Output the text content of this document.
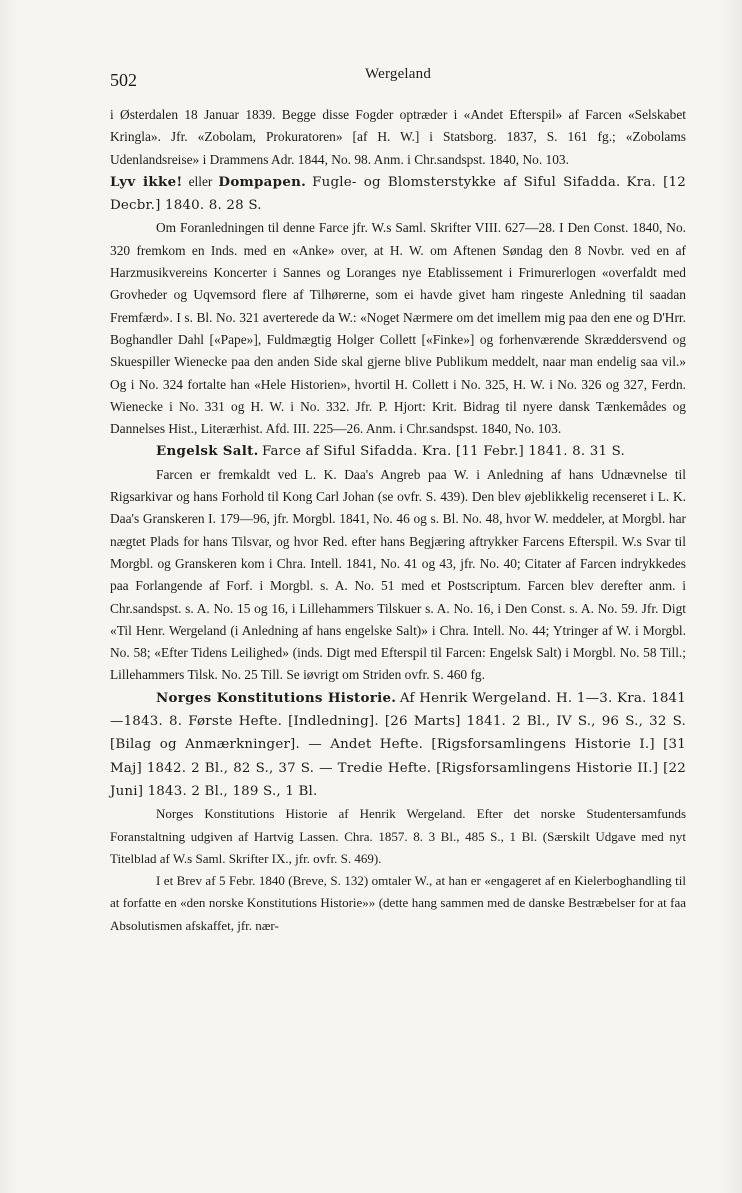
502	Wergeland

i Østerdalen 18 Januar 1839. Begge disse Fogder optræder i «Andet Efterspil» af Farcen «Selskabet Kringla». Jfr. «Zobolam, Prokuratoren» [af H. W.] i Statsborg. 1837, S. 161 fg.; «Zobolams Udenlandsreise» i Drammens Adr. 1844, No. 98. Anm. i Chr.sandspst. 1840, No. 103.

Lyv ikke! eller Dompapen. Fugle- og Blomsterstykke af Siful Sifadda. Kra. [12 Decbr.] 1840. 8. 28 S.

Om Foranledningen til denne Farce jfr. W.s Saml. Skrifter VIII. 627—28. I Den Const. 1840, No. 320 fremkom en Inds. med en «Anke» over, at H. W. om Aftenen Søndag den 8 Novbr. ved en af Harzmusikvereins Koncerter i Sannes og Loranges nye Etablissement i Frimurerlogen «overfaldt med Grovheder og Uqvemsord flere af Tilhørerne, som ei havde givet ham ringeste Anledning til saadan Fremfærd». I s. Bl. No. 321 averterede da W.: «Noget Nærmere om det imellem mig paa den ene og D'Hrr. Boghandler Dahl [«Pape»], Fuldmægtig Holger Collett [«Finke»] og forhenværende Skræddersvend og Skuespiller Wienecke paa den anden Side skal gjerne blive Publikum meddelt, naar man endelig saa vil.» Og i No. 324 fortalte han «Hele Historien», hvortil H. Collett i No. 325, H. W. i No. 326 og 327, Ferdn. Wienecke i No. 331 og H. W. i No. 332. Jfr. P. Hjort: Krit. Bidrag til nyere dansk Tænkemådes og Dannelses Hist., Literærhist. Afd. III. 225—26. Anm. i Chr.sandspst. 1840, No. 103.

Engelsk Salt. Farce af Siful Sifadda. Kra. [11 Febr.] 1841. 8. 31 S.

Farcen er fremkaldt ved L. K. Daa's Angreb paa W. i Anledning af hans Udnævnelse til Rigsarkivar og hans Forhold til Kong Carl Johan (se ovfr. S. 439). Den blev øjeblikkelig recenseret i L. K. Daa's Granskeren I. 179—96, jfr. Morgbl. 1841, No. 46 og s. Bl. No. 48, hvor W. meddeler, at Morgbl. har nægtet Plads for hans Tilsvar, og hvor Red. efter hans Begjæring aftrykker Farcens Efterspil. W.s Svar til Morgbl. og Granskeren kom i Chra. Intell. 1841, No. 41 og 43, jfr. No. 40; Citater af Farcen indrykkedes paa Forlangende af Forf. i Morgbl. s. A. No. 51 med et Postscriptum. Farcen blev derefter anm. i Chr.sandspst. s. A. No. 15 og 16, i Lillehammers Tilskuer s. A. No. 16, i Den Const. s. A. No. 59. Jfr. Digt «Til Henr. Wergeland (i Anledning af hans engelske Salt)» i Chra. Intell. No. 44; Ytringer af W. i Morgbl. No. 58; «Efter Tidens Leilighed» (inds. Digt med Efterspil til Farcen: Engelsk Salt) i Morgbl. No. 58 Till.; Lillehammers Tilsk. No. 25 Till. Se iøvrigt om Striden ovfr. S. 460 fg.

Norges Konstitutions Historie. Af Henrik Wergeland. H. 1—3. Kra. 1841—1843. 8. Første Hefte. [Indledning]. [26 Marts] 1841. 2 Bl., IV S., 96 S., 32 S. [Bilag og Anmærkninger]. — Andet Hefte. [Rigsforsamlingens Historie I.] [31 Maj] 1842. 2 Bl., 82 S., 37 S. — Tredie Hefte. [Rigsforsamlingens Historie II.] [22 Juni] 1843. 2 Bl., 189 S., 1 Bl.

Norges Konstitutions Historie af Henrik Wergeland. Efter det norske Studentersamfunds Foranstaltning udgiven af Hartvig Lassen. Chra. 1857. 8. 3 Bl., 485 S., 1 Bl. (Særskilt Udgave med nyt Titelblad af W.s Saml. Skrifter IX., jfr. ovfr. S. 469).

I et Brev af 5 Febr. 1840 (Breve, S. 132) omtaler W., at han er «engageret af en Kielerboghandling til at forfatte en «den norske Konstitutions Historie»» (dette hang sammen med de danske Bestræbelser for at faa Absolutismen afskaffet, jfr. nær-
